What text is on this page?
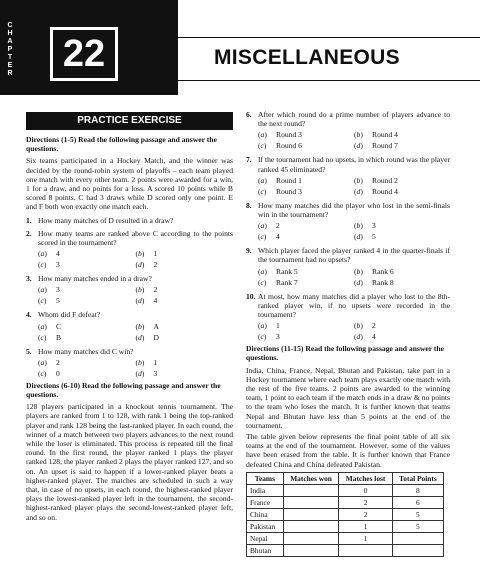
C
H
A
P
T
E
R	22	MISCELLANEOUS
PRACTICE EXERCISE
Directions (1-5) Read the following passage and answer the questions.
Six teams participated in a Hockey Match, and the winner was decided by the round-robin system of playoffs – each team played one match with every other team. 2 points were awarded for a win, 1 for a draw, and no points for a loss. A scored 10 points while B scored 8 points. C had 3 draws while D scored only one point. E and F both won exactly one match each.
1. How many matches of D resulted in a draw?
2. How many teams are ranked above C according to the points scored in the tournament?
( a )	4	( b )	1
( c )	3	( d )	2
3. How many matches ended in a draw?
( a )	3	( b )	2
( c )	5	( d )	4
4. Whom did F defeat?
( a )	C	( b )	A
( c )	B	( d )	D
5. How many matches did C win?
( a )	2	( b )	1
( c )	0	( d )	3
Directions (6-10) Read the following passage and answer the questions.
128 players participated in a knockout tennis tournament. The players are ranked from 1 to 128, with rank 1 being the top-ranked player and rank 128 being the last-ranked player. In each round, the winner of a match between two players advances to the next round while the loser is eliminated. This process is repeated till the final round. In the first round, the player ranked 1 plays the player ranked 128, the player ranked 2 plays the player ranked 127, and so on. An upset is said to happen if a lower-ranked player beats a higher-ranked player. The matches are scheduled in such a way that, in case of no upsets, in each round, the highest-ranked player plays the lowest-ranked player left in the tournament, the second-highest-ranked player plays the second-lowest-ranked player left, and so on.
6. After which round do a prime number of players advance to the next round?
( a )	Round 3	( b )	Round 4
( c )	Round 6	( d )	Round 7
7. If the tournament had no upsets, in which round was the player ranked 45 eliminated?
( a )	Round 1	( b )	Round 2
( c )	Round 3	( d )	Round 4
8. How many matches did the player who lost in the semi-finals win in the tournament?
( a )	2	( b )	3
( c )	4	( d )	5
9. Which player faced the player ranked 4 in the quarter-finals if the tournament had no upsets?
( a )	Rank 5	( b )	Rank 6
( c )	Rank 7	( d )	Rank 8
10. At most, how many matches did a player who lost to the 8th-ranked player win, if no upsets were recorded in the tournament?
( a )	1	( b )	2
( c )	3	( d )	4
Directions (11-15) Read the following passage and answer the questions.
India, China, France, Nepal, Bhutan and Pakistan, take part in a Hockey tournament where each team plays exactly one match with the rest of the five teams. 2 points are awarded to the winning team, 1 point to each team if the match ends in a draw & no points to the team who loses the match. It is further known that teams Nepal and Bhutan have less than 5 points at the end of the tournament.
The table given below represents the final point table of all six teams at the end of the tournament. However, some of the values have been erased from the table. It is further known that France defeated China and China defeated Pakistan.
Teams	Matches won	Matches lost	Total Points
India		0	8
France		2	6
China		2	5
Pakistan		1	5
Nepal		1	
Bhutan			
